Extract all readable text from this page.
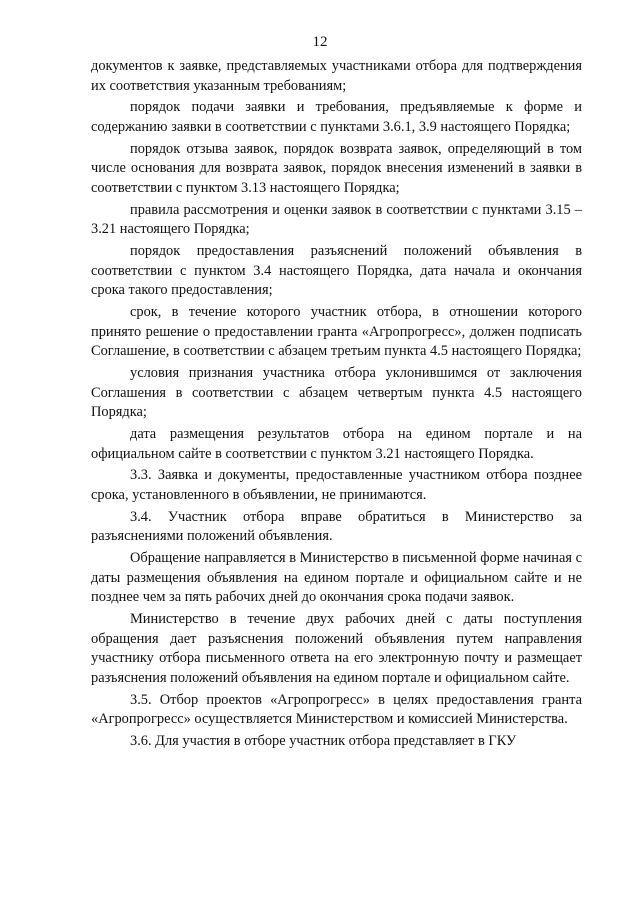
12

документов к заявке, представляемых участниками отбора для подтверждения их соответствия указанным требованиям;

порядок подачи заявки и требования, предъявляемые к форме и содержанию заявки в соответствии с пунктами 3.6.1, 3.9 настоящего Порядка;

порядок отзыва заявок, порядок возврата заявок, определяющий в том числе основания для возврата заявок, порядок внесения изменений в заявки в соответствии с пунктом 3.13 настоящего Порядка;

правила рассмотрения и оценки заявок в соответствии с пунктами 3.15 – 3.21 настоящего Порядка;

порядок предоставления разъяснений положений объявления в соответствии с пунктом 3.4 настоящего Порядка, дата начала и окончания срока такого предоставления;

срок, в течение которого участник отбора, в отношении которого принято решение о предоставлении гранта «Агропрогресс», должен подписать Соглашение, в соответствии с абзацем третьим пункта 4.5 настоящего Порядка;

условия признания участника отбора уклонившимся от заключения Соглашения в соответствии с абзацем четвертым пункта 4.5 настоящего Порядка;

дата размещения результатов отбора на едином портале и на официальном сайте в соответствии с пунктом 3.21 настоящего Порядка.

3.3. Заявка и документы, предоставленные участником отбора позднее срока, установленного в объявлении, не принимаются.

3.4. Участник отбора вправе обратиться в Министерство за разъяснениями положений объявления.

Обращение направляется в Министерство в письменной форме начиная с даты размещения объявления на едином портале и официальном сайте и не позднее чем за пять рабочих дней до окончания срока подачи заявок.

Министерство в течение двух рабочих дней с даты поступления обращения дает разъяснения положений объявления путем направления участнику отбора письменного ответа на его электронную почту и размещает разъяснения положений объявления на едином портале и официальном сайте.

3.5. Отбор проектов «Агропрогресс» в целях предоставления гранта «Агропрогресс» осуществляется Министерством и комиссией Министерства.

3.6. Для участия в отборе участник отбора представляет в ГКУ
